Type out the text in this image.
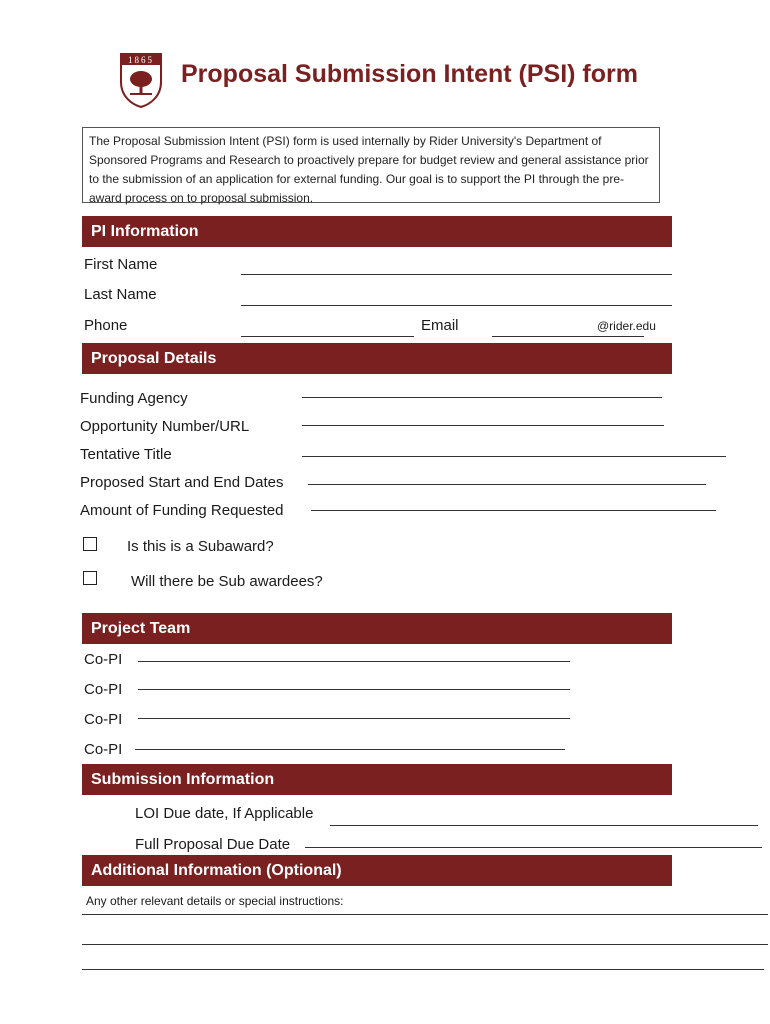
1865 Proposal Submission Intent (PSI) form
The Proposal Submission Intent (PSI) form is used internally by Rider University's Department of Sponsored Programs and Research to proactively prepare for budget review and general assistance prior to the submission of an application for external funding. Our goal is to support the PI through the pre-award process on to proposal submission.
PI Information
First Name
Last Name
Phone	Email	@rider.edu
Proposal Details
Funding Agency
Opportunity Number/URL
Tentative Title
Proposed Start and End Dates
Amount of Funding Requested
Is this is a Subaward?
Will there be Sub awardees?
Project Team
Co-PI
Co-PI
Co-PI
Co-PI
Submission Information
LOI Due date, If Applicable
Full Proposal Due Date
Additional Information (Optional)
Any other relevant details or special instructions:
